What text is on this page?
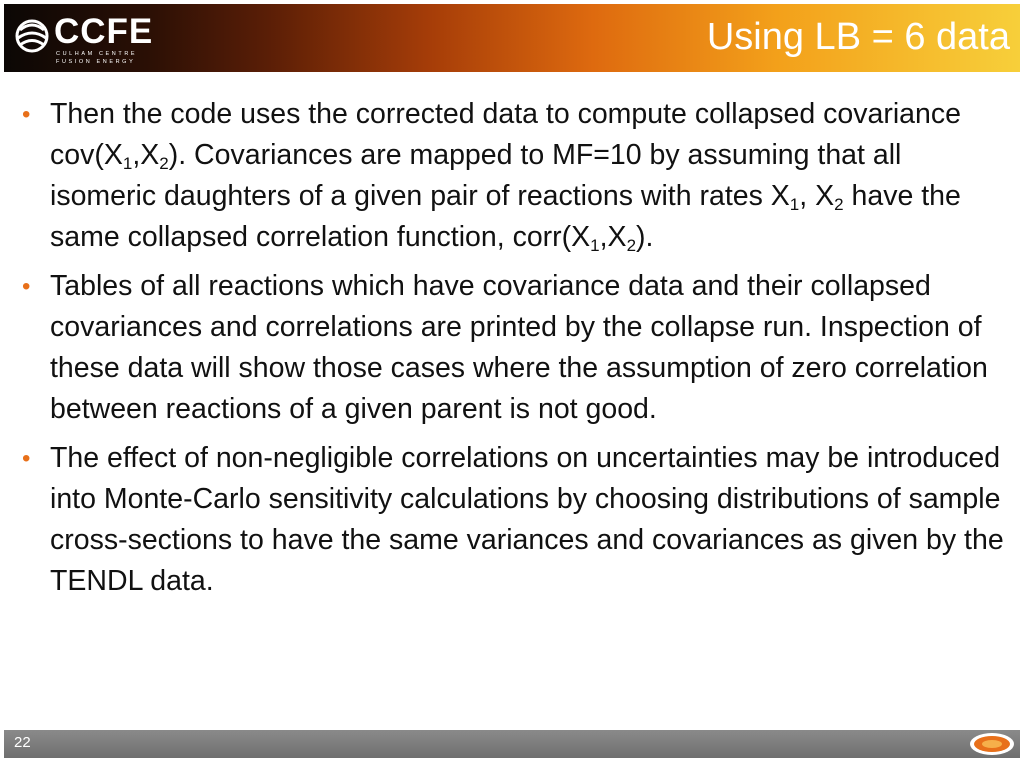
CCFE
CULHAM CENTRE
FUSION ENERGY
Using LB = 6 data
• Then the code uses the corrected data to compute collapsed covariance $cov(X_1,X_2)$. Covariances are mapped to MF=10 by assuming that all isomeric daughters of a given pair of reactions with rates $X_1$, $X_2$ have the same collapsed correlation function, $corr(X_1,X_2)$.
• Tables of all reactions which have covariance data and their collapsed covariances and correlations are printed by the collapse run. Inspection of these data will show those cases where the assumption of zero correlation between reactions of a given parent is not good.
• The effect of non-negligible correlations on uncertainties may be introduced into Monte-Carlo sensitivity calculations by choosing distributions of sample cross-sections to have the same variances and covariances as given by the TENDL data.
22
